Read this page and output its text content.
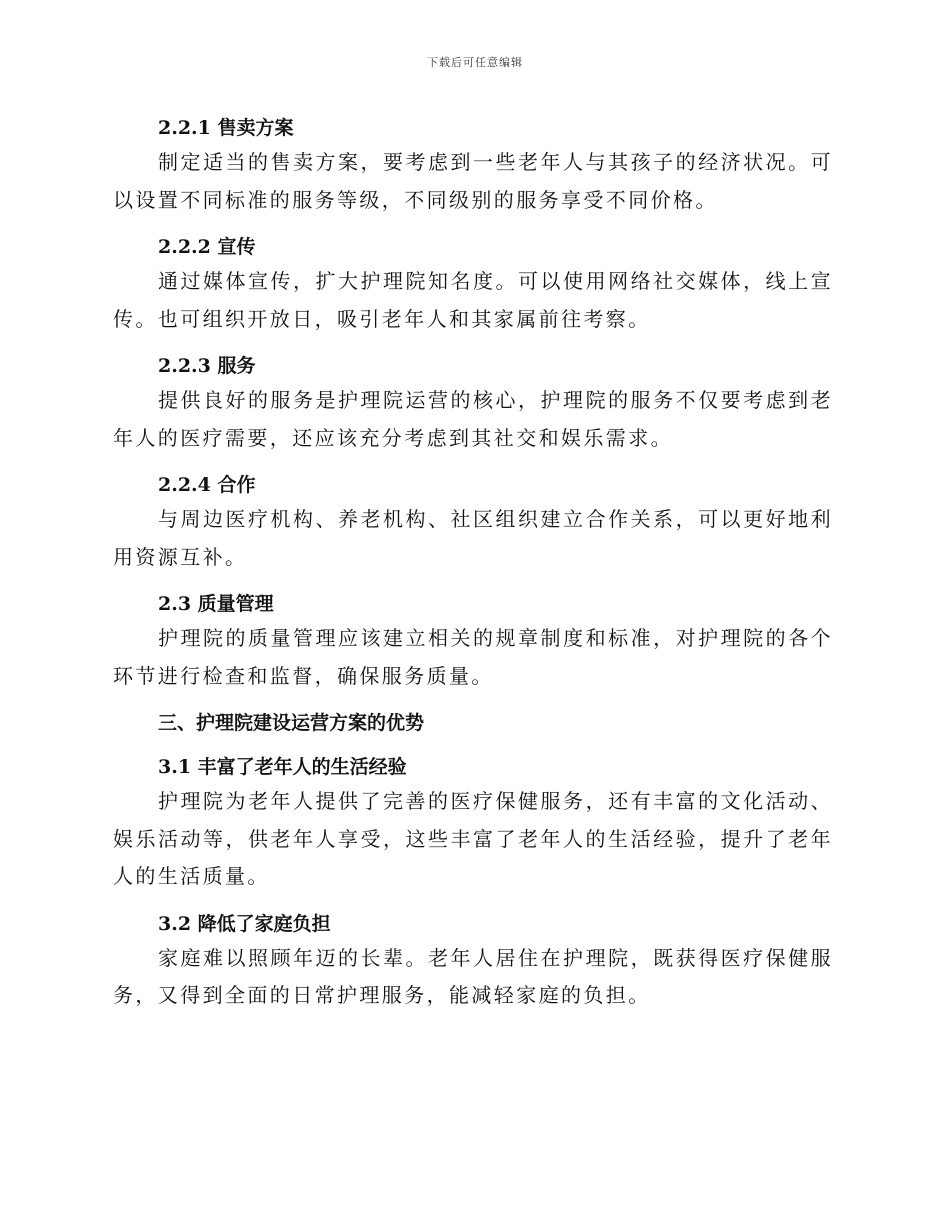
下载后可任意编辑
2.2.1 售卖方案

制定适当的售卖方案，要考虑到一些老年人与其孩子的经济状况。可以设置不同标准的服务等级，不同级别的服务享受不同价格。

2.2.2 宣传

通过媒体宣传，扩大护理院知名度。可以使用网络社交媒体，线上宣传。也可组织开放日，吸引老年人和其家属前往考察。

2.2.3 服务

提供良好的服务是护理院运营的核心，护理院的服务不仅要考虑到老年人的医疗需要，还应该充分考虑到其社交和娱乐需求。

2.2.4 合作

与周边医疗机构、养老机构、社区组织建立合作关系，可以更好地利用资源互补。

2.3 质量管理

护理院的质量管理应该建立相关的规章制度和标准，对护理院的各个环节进行检查和监督，确保服务质量。

三、护理院建设运营方案的优势
3.1 丰富了老年人的生活经验

护理院为老年人提供了完善的医疗保健服务，还有丰富的文化活动、娱乐活动等，供老年人享受，这些丰富了老年人的生活经验，提升了老年人的生活质量。

3.2 降低了家庭负担

家庭难以照顾年迈的长辈。老年人居住在护理院，既获得医疗保健服务，又得到全面的日常护理服务，能减轻家庭的负担。
